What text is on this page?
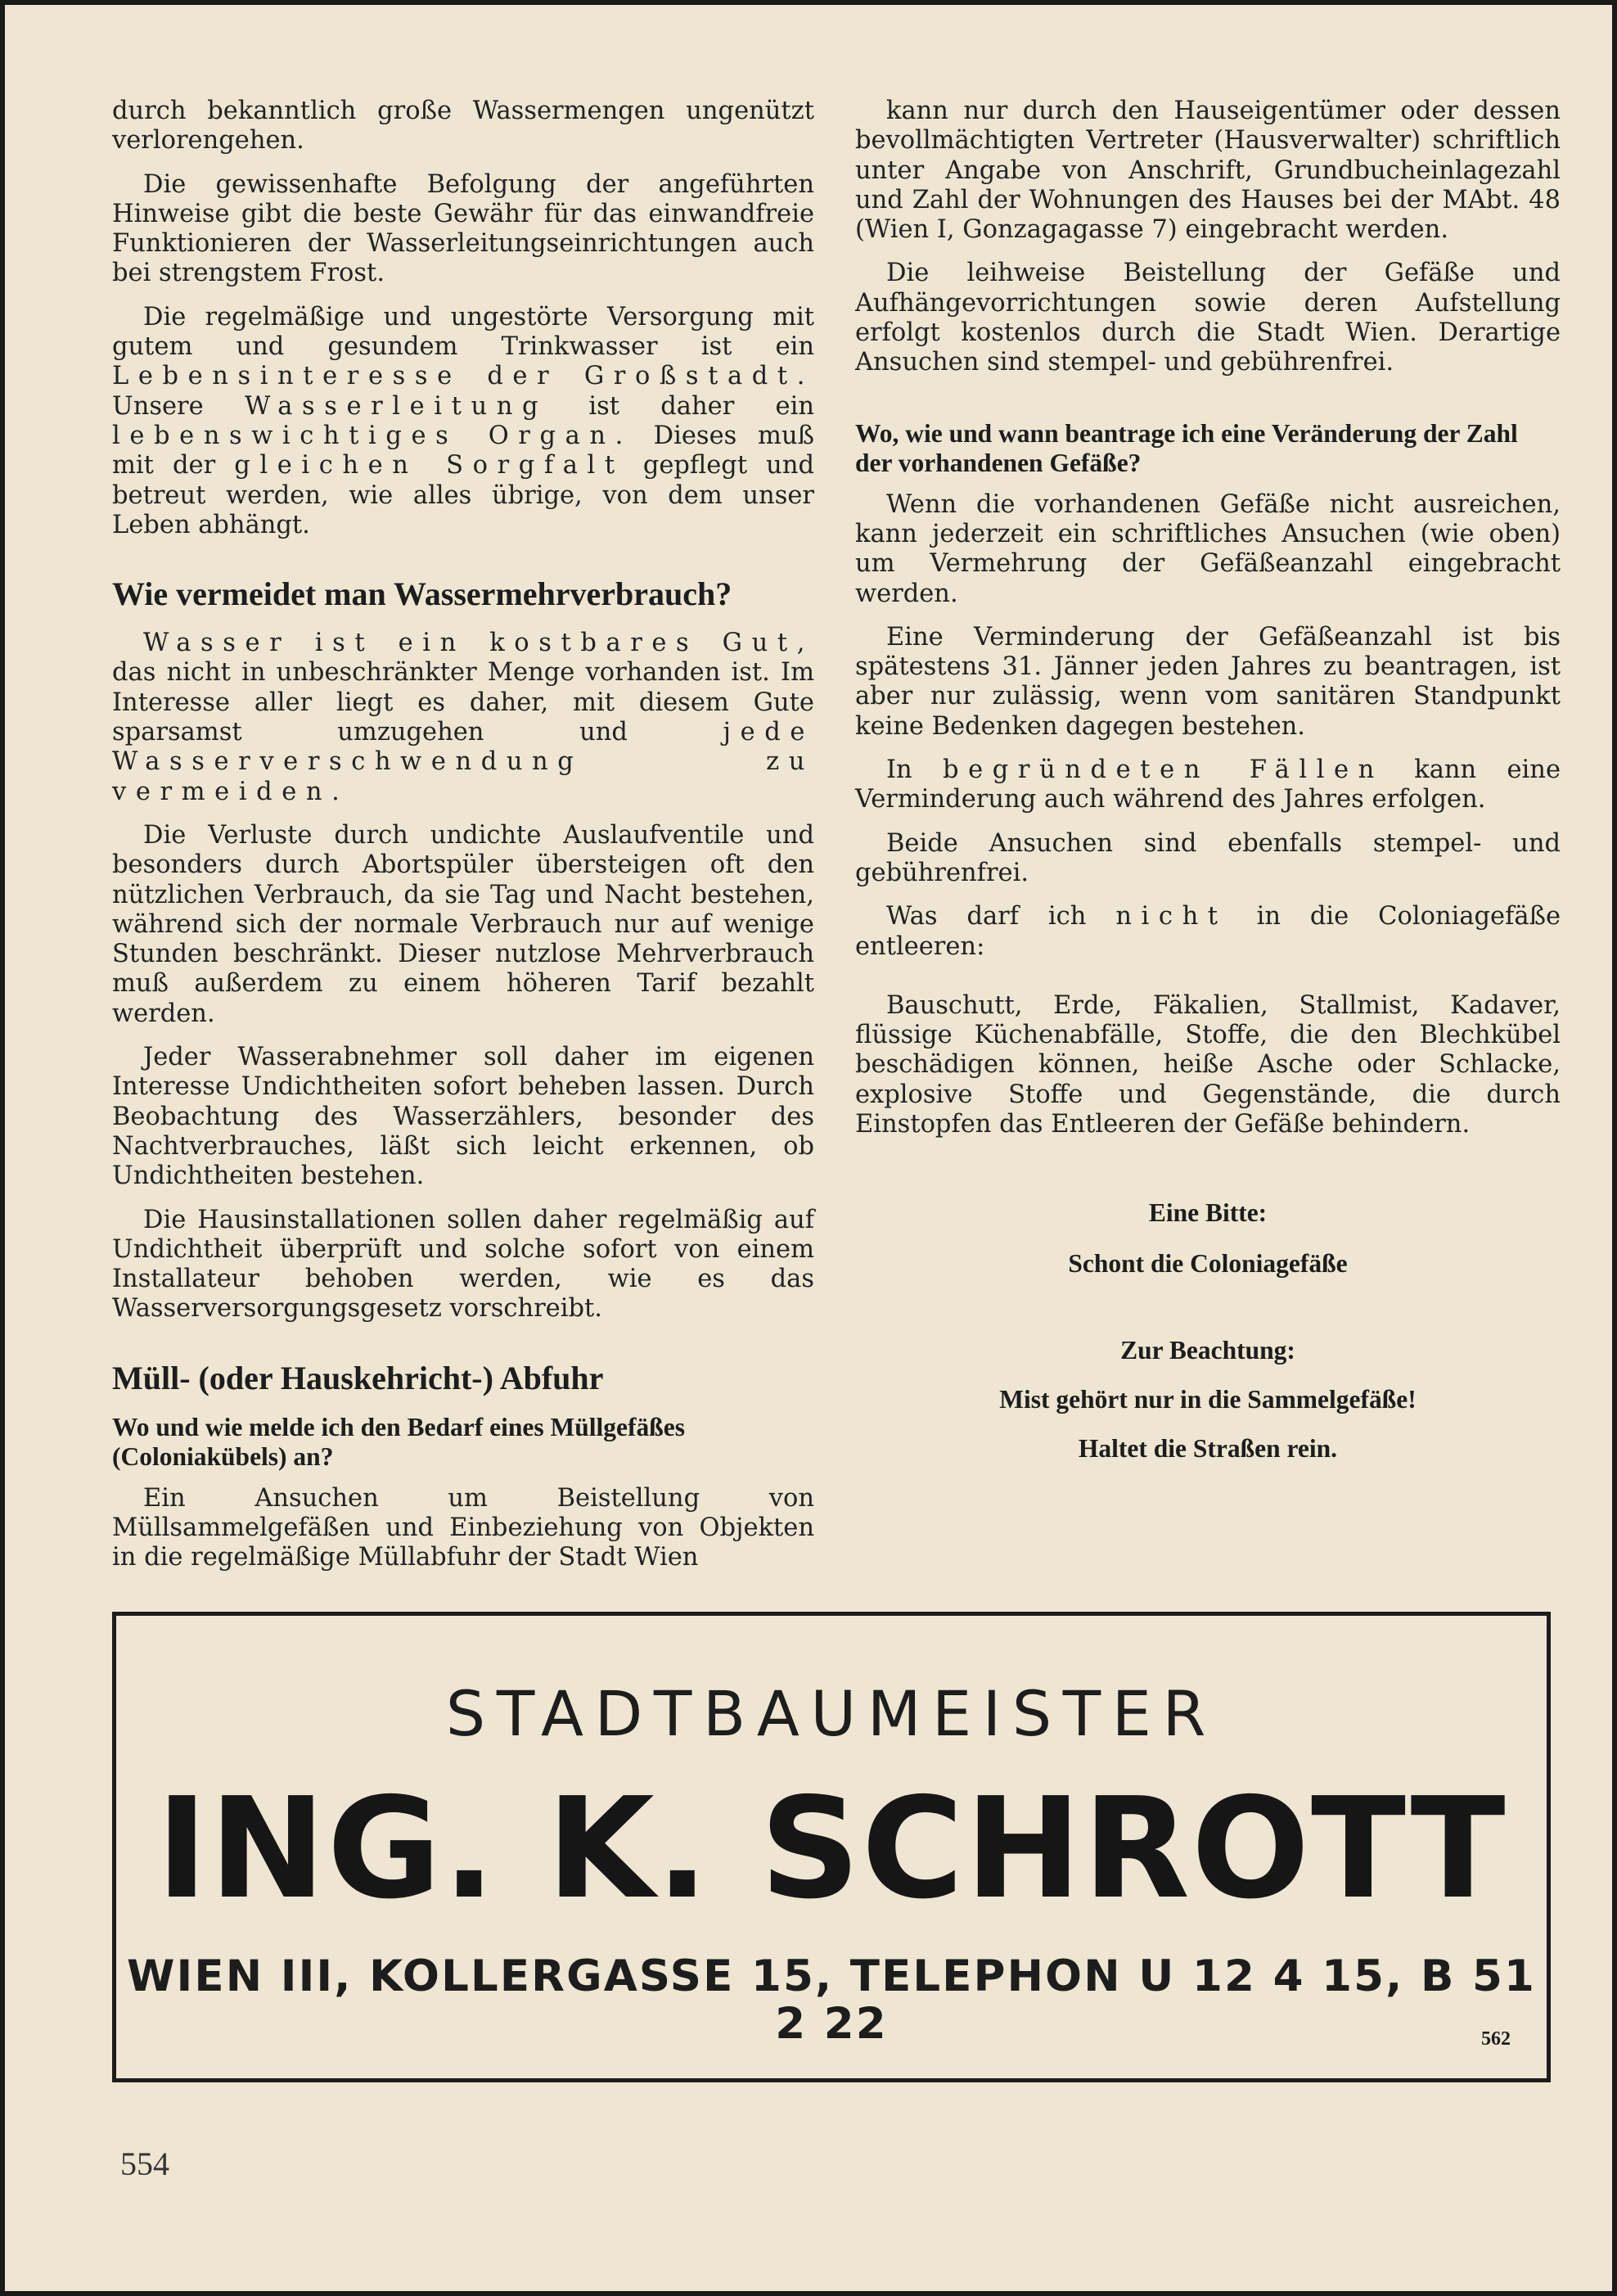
durch bekanntlich große Wassermengen ungenützt verlorengehen.

Die gewissenhafte Befolgung der angeführten Hinweise gibt die beste Gewähr für das einwandfreie Funktionieren der Wasserleitungseinrichtungen auch bei strengstem Frost.

Die regelmäßige und ungestörte Versorgung mit gutem und gesundem Trinkwasser ist ein Lebensinteresse der Großstadt. Unsere Wasserleitung ist daher ein lebenswichtiges Organ. Dieses muß mit der gleichen Sorgfalt gepflegt und betreut werden, wie alles übrige, von dem unser Leben abhängt.

Wie vermeidet man Wassermehrverbrauch?

Wasser ist ein kostbares Gut, das nicht in unbeschränkter Menge vorhanden ist. Im Interesse aller liegt es daher, mit diesem Gute sparsamst umzugehen und jede Wasserverschwendung zu vermeiden.

Die Verluste durch undichte Auslaufventile und besonders durch Abortspüler übersteigen oft den nützlichen Verbrauch, da sie Tag und Nacht bestehen, während sich der normale Verbrauch nur auf wenige Stunden beschränkt. Dieser nutzlose Mehrverbrauch muß außerdem zu einem höheren Tarif bezahlt werden.

Jeder Wasserabnehmer soll daher im eigenen Interesse Undichtheiten sofort beheben lassen. Durch Beobachtung des Wasserzählers, besonder des Nachtverbrauches, läßt sich leicht erkennen, ob Undichtheiten bestehen.

Die Hausinstallationen sollen daher regelmäßig auf Undichtheit überprüft und solche sofort von einem Installateur behoben werden, wie es das Wasserversorgungsgesetz vorschreibt.

Müll- (oder Hauskehricht-) Abfuhr
Wo und wie melde ich den Bedarf eines Müllgefäßes (Coloniakübels) an?

Ein Ansuchen um Beistellung von Müllsammelgefäßen und Einbeziehung von Objekten in die regelmäßige Müllabfuhr der Stadt Wien

kann nur durch den Hauseigentümer oder dessen bevollmächtigten Vertreter (Hausverwalter) schriftlich unter Angabe von Anschrift, Grundbucheinlagezahl und Zahl der Wohnungen des Hauses bei der MAbt. 48 (Wien I, Gonzagagasse 7) eingebracht werden.

Die leihweise Beistellung der Gefäße und Aufhängevorrichtungen sowie deren Aufstellung erfolgt kostenlos durch die Stadt Wien. Derartige Ansuchen sind stempel- und gebührenfrei.

Wo, wie und wann beantrage ich eine Veränderung der Zahl der vorhandenen Gefäße?

Wenn die vorhandenen Gefäße nicht ausreichen, kann jederzeit ein schriftliches Ansuchen (wie oben) um Vermehrung der Gefäßeanzahl eingebracht werden.

Eine Verminderung der Gefäßeanzahl ist bis spätestens 31. Jänner jeden Jahres zu beantragen, ist aber nur zulässig, wenn vom sanitären Standpunkt keine Bedenken dagegen bestehen.

In begründeten Fällen kann eine Verminderung auch während des Jahres erfolgen.

Beide Ansuchen sind ebenfalls stempel- und gebührenfrei.

Was darf ich nicht in die Coloniagefäße entleeren:

Bauschutt, Erde, Fäkalien, Stallmist, Kadaver, flüssige Küchenabfälle, Stoffe, die den Blechkübel beschädigen können, heiße Asche oder Schlacke, explosive Stoffe und Gegenstände, die durch Einstopfen das Entleeren der Gefäße behindern.

Eine Bitte:
Schont die Coloniagefäße
Zur Beachtung:
Mist gehört nur in die Sammelgefäße!
Haltet die Straßen rein.
STADTBAUMEISTER
ING. K. SCHROTT
WIEN III, KOLLERGASSE 15, TELEPHON U 12 4 15, B 51 2 22	562
554
